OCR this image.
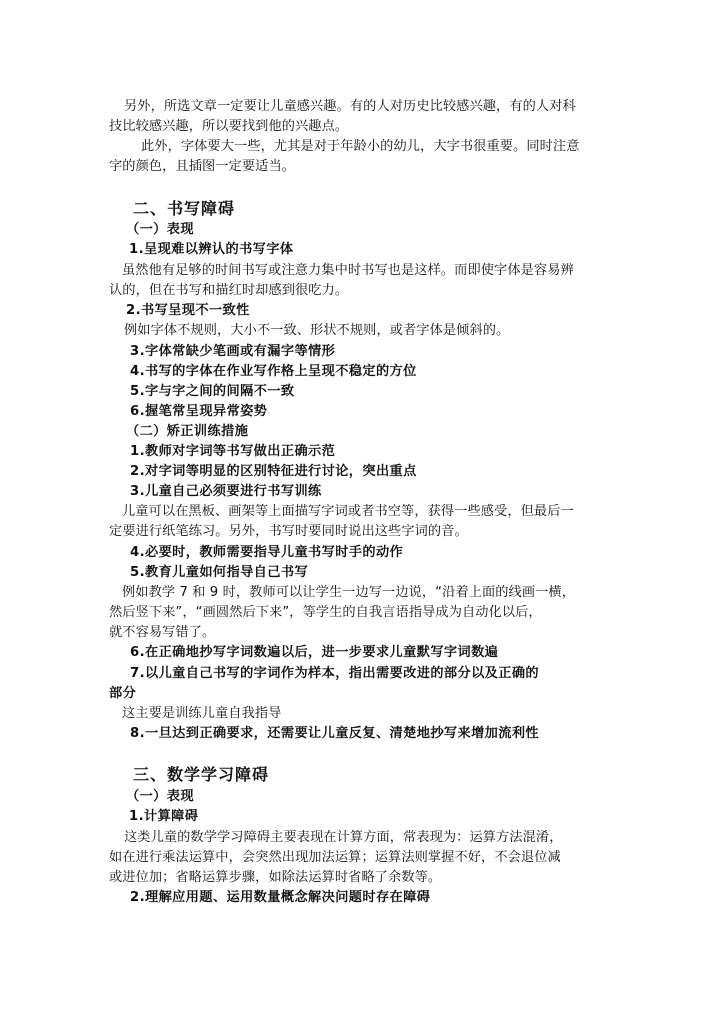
另外，所选文章一定要让儿童感兴趣。有的人对历史比较感兴趣，有的人对科
技比较感兴趣，所以要找到他的兴趣点。
此外，字体要大一些，尤其是对于年龄小的幼儿，大字书很重要。同时注意
字的颜色，且插图一定要适当。
二、书写障碍
（一）表现
1.呈现难以辨认的书写字体
虽然他有足够的时间书写或注意力集中时书写也是这样。而即使字体是容易辨
认的，但在书写和描红时却感到很吃力。
2.书写呈现不一致性
例如字体不规则，大小不一致、形状不规则，或者字体是倾斜的。
3.字体常缺少笔画或有漏字等情形
4.书写的字体在作业写作格上呈现不稳定的方位
5.字与字之间的间隔不一致
6.握笔常呈现异常姿势
（二）矫正训练措施
1.教师对字词等书写做出正确示范
2.对字词等明显的区别特征进行讨论，突出重点
3.儿童自己必须要进行书写训练
儿童可以在黑板、画架等上面描写字词或者书空等，获得一些感受，但最后一
定要进行纸笔练习。另外，书写时要同时说出这些字词的音。
4.必要时，教师需要指导儿童书写时手的动作
5.教育儿童如何指导自己书写
例如教学 7 和 9 时，教师可以让学生一边写一边说，“沿着上面的线画一横，
然后竖下来”，“画圆然后下来”，等学生的自我言语指导成为自动化以后，
就不容易写错了。
6.在正确地抄写字词数遍以后，进一步要求儿童默写字词数遍
7.以儿童自己书写的字词作为样本，指出需要改进的部分以及正确的
部分
这主要是训练儿童自我指导
8.一旦达到正确要求，还需要让儿童反复、清楚地抄写来增加流利性
三、数学学习障碍
（一）表现
1.计算障碍
这类儿童的数学学习障碍主要表现在计算方面，常表现为：运算方法混淆，
如在进行乘法运算中，会突然出现加法运算；运算法则掌握不好，不会退位减
或进位加；省略运算步骤，如除法运算时省略了余数等。
2.理解应用题、运用数量概念解决问题时存在障碍
